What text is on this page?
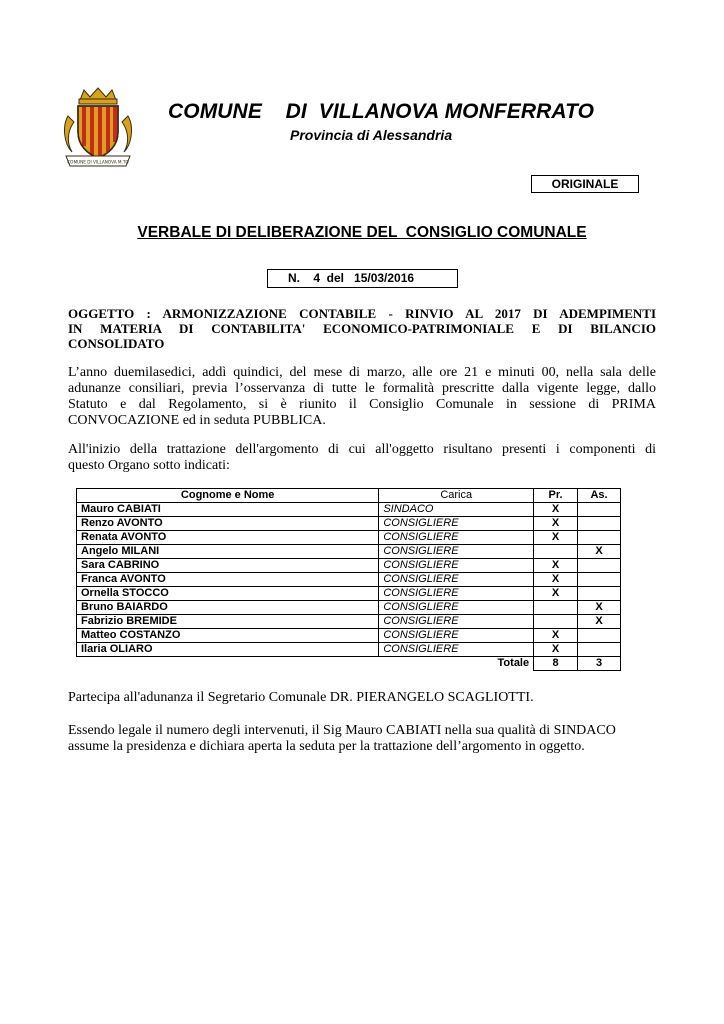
COMUNE DI VILLANOVA M.TO
COMUNE    DI  VILLANOVA MONFERRATO
Provincia di Alessandria
ORIGINALE
VERBALE DI DELIBERAZIONE DEL  CONSIGLIO COMUNALE
N.    4  del   15/03/2016
OGGETTO : ARMONIZZAZIONE CONTABILE - RINVIO AL 2017 DI ADEMPIMENTI
IN MATERIA DI CONTABILITA' ECONOMICO-PATRIMONIALE E DI BILANCIO
CONSOLIDATO
L’anno duemilasedici, addì quindici, del mese di marzo, alle ore 21 e minuti 00, nella sala delle
adunanze consiliari, previa l’osservanza di tutte le formalità prescritte dalla vigente legge, dallo
Statuto e dal Regolamento, si è riunito il Consiglio Comunale in sessione di PRIMA
CONVOCAZIONE ed in seduta PUBBLICA.
All'inizio della trattazione dell'argomento di cui all'oggetto risultano presenti i componenti di
questo Organo sotto indicati:
Cognome e Nome	Carica	Pr.	As.
Mauro CABIATI	SINDACO	X	
Renzo AVONTO	CONSIGLIERE	X	
Renata AVONTO	CONSIGLIERE	X	
Angelo MILANI	CONSIGLIERE		X
Sara CABRINO	CONSIGLIERE	X	
Franca AVONTO	CONSIGLIERE	X	
Ornella STOCCO	CONSIGLIERE	X	
Bruno BAIARDO	CONSIGLIERE		X
Fabrizio BREMIDE	CONSIGLIERE		X
Matteo COSTANZO	CONSIGLIERE	X	
Ilaria OLIARO	CONSIGLIERE	X	
	Totale	8	3
Partecipa all'adunanza il Segretario Comunale DR. PIERANGELO SCAGLIOTTI.
Essendo legale il numero degli intervenuti, il Sig Mauro CABIATI nella sua qualità di SINDACO
assume la presidenza e dichiara aperta la seduta per la trattazione dell’argomento in oggetto.
